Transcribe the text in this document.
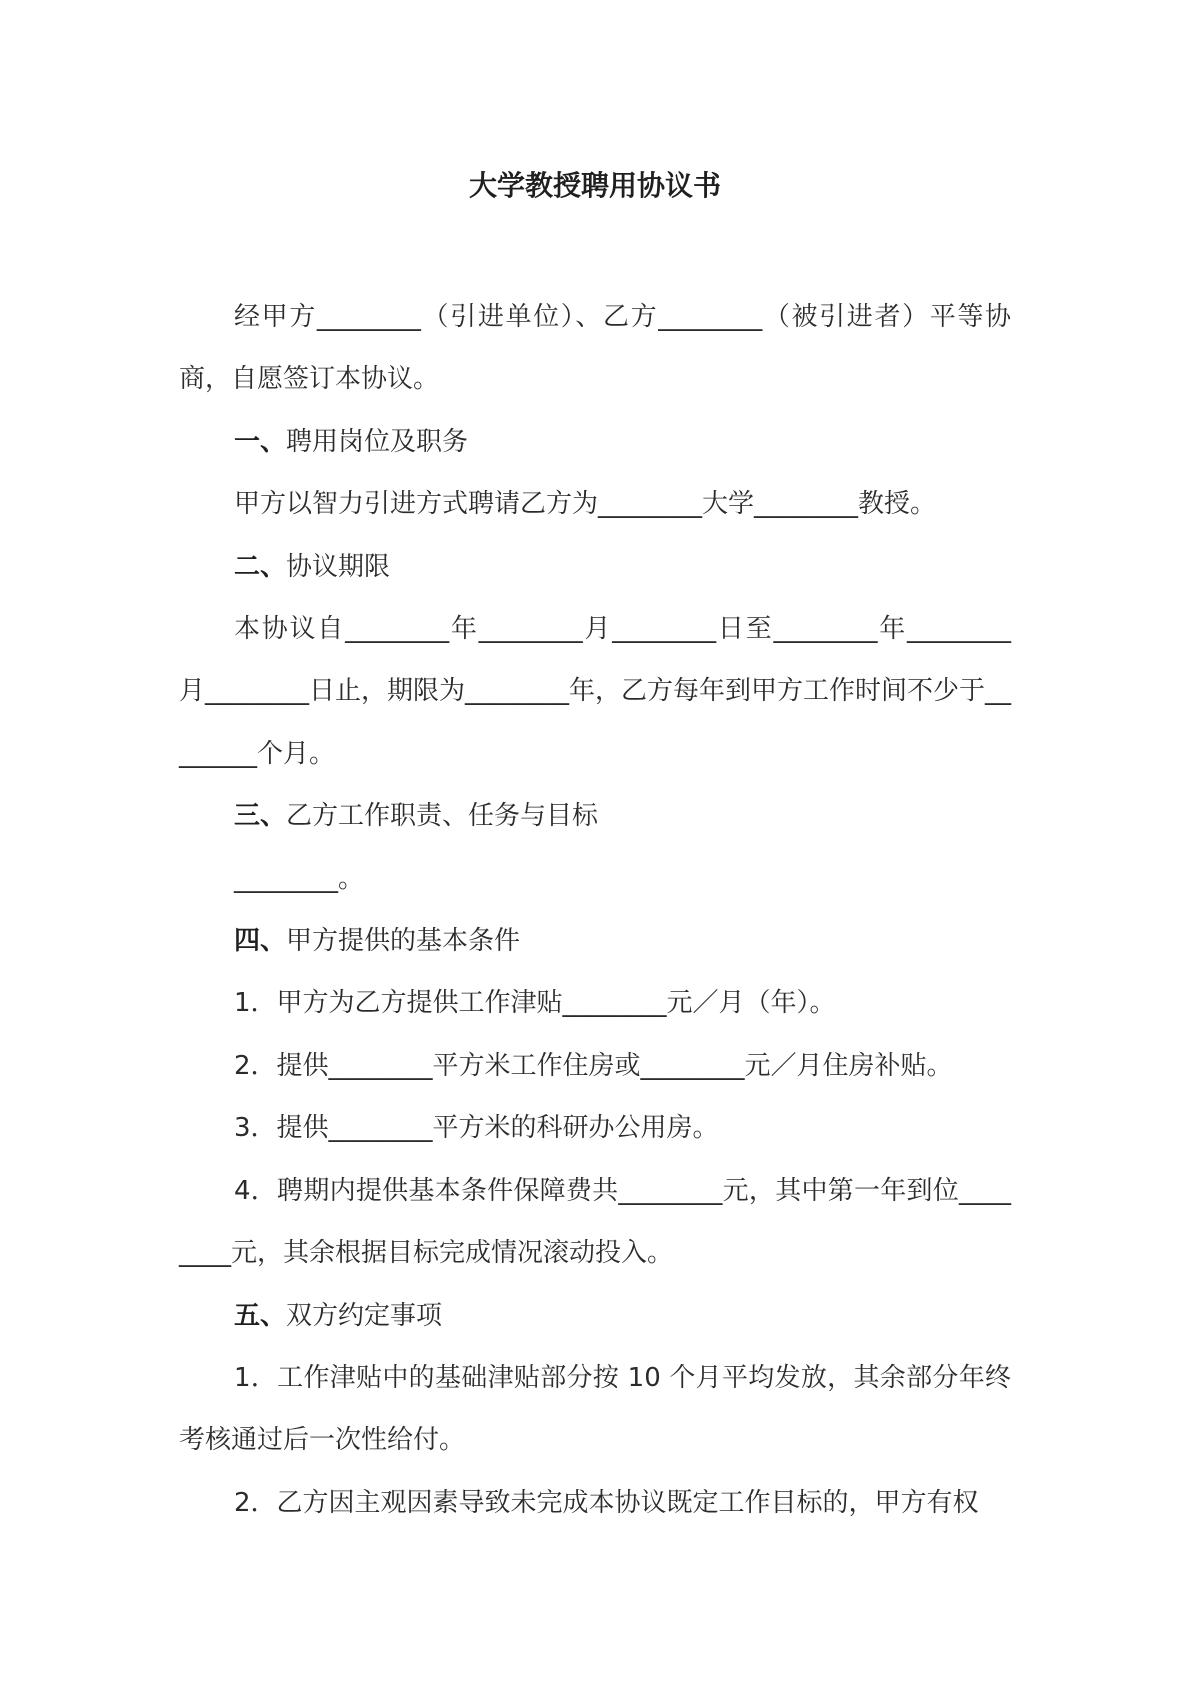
大学教授聘用协议书

经甲方________（引进单位）、乙方________（被引进者）平等协商，自愿签订本协议。

一、聘用岗位及职务

甲方以智力引进方式聘请乙方为________大学________教授。

二、协议期限

本协议自________年________月________日至________年________月________日止，期限为________年，乙方每年到甲方工作时间不少于________个月。

三、乙方工作职责、任务与目标

________。

四、甲方提供的基本条件

1．甲方为乙方提供工作津贴________元／月（年）。

2．提供________平方米工作住房或________元／月住房补贴。

3．提供________平方米的科研办公用房。

4．聘期内提供基本条件保障费共________元，其中第一年到位________元，其余根据目标完成情况滚动投入。

五、双方约定事项

1．工作津贴中的基础津贴部分按 10 个月平均发放，其余部分年终考核通过后一次性给付。

2．乙方因主观因素导致未完成本协议既定工作目标的，甲方有权
